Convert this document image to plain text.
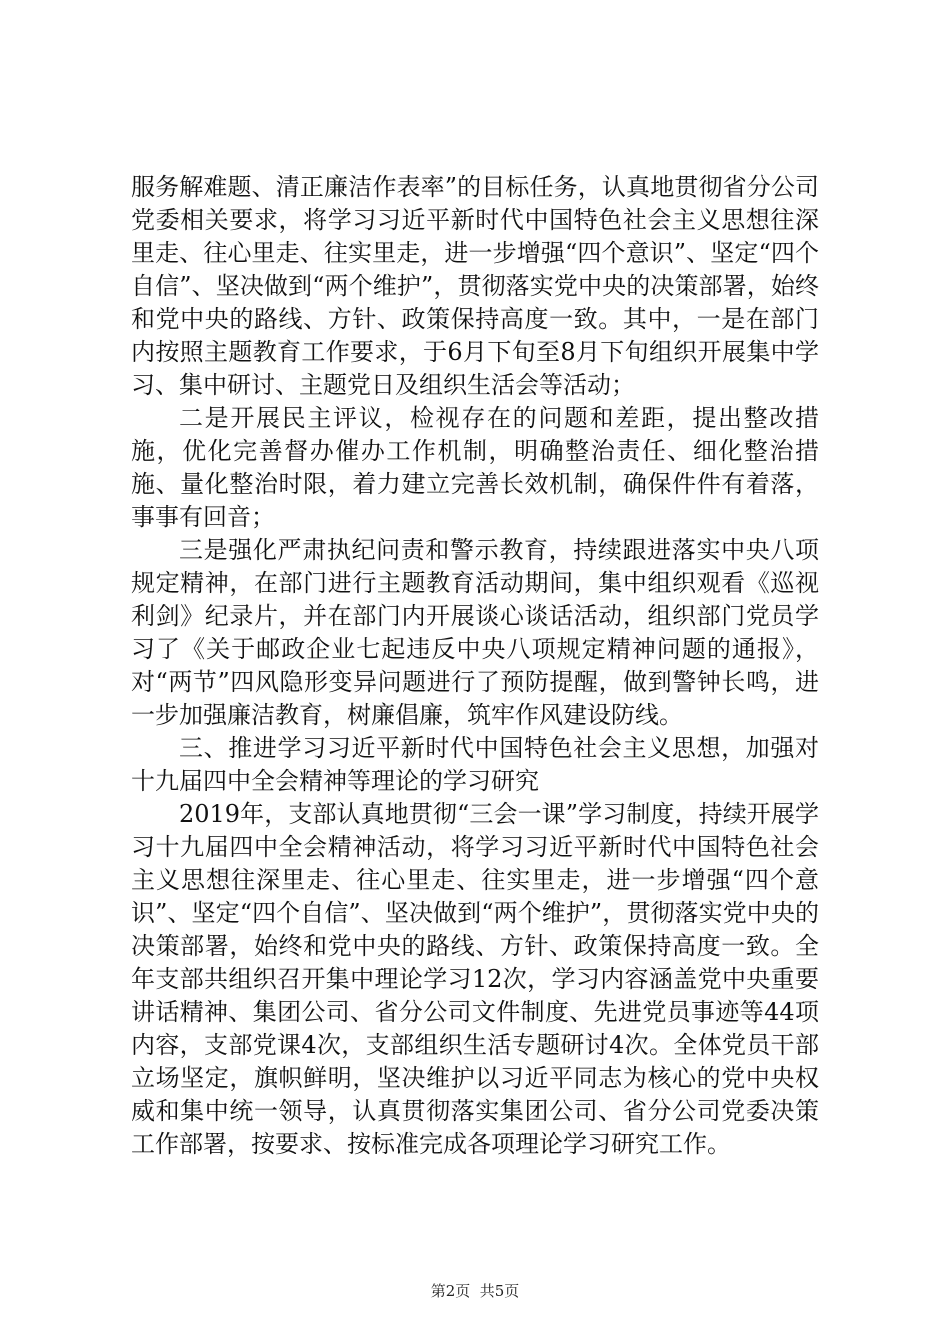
服务解难题、清正廉洁作表率”的目标任务，认真地贯彻省分公司党委相关要求，将学习习近平新时代中国特色社会主义思想往深里走、往心里走、往实里走，进一步增强“四个意识”、坚定“四个自信”、坚决做到“两个维护”，贯彻落实党中央的决策部署，始终和党中央的路线、方针、政策保持高度一致。其中，一是在部门内按照主题教育工作要求，于6月下旬至8月下旬组织开展集中学习、集中研讨、主题党日及组织生活会等活动；

二是开展民主评议，检视存在的问题和差距，提出整改措施，优化完善督办催办工作机制，明确整治责任、细化整治措施、量化整治时限，着力建立完善长效机制，确保件件有着落，事事有回音；

三是强化严肃执纪问责和警示教育，持续跟进落实中央八项规定精神，在部门进行主题教育活动期间，集中组织观看《巡视利剑》纪录片，并在部门内开展谈心谈话活动，组织部门党员学习了《关于邮政企业七起违反中央八项规定精神问题的通报》，对“两节”四风隐形变异问题进行了预防提醒，做到警钟长鸣，进一步加强廉洁教育，树廉倡廉，筑牢作风建设防线。

三、推进学习习近平新时代中国特色社会主义思想，加强对十九届四中全会精神等理论的学习研究

2019年，支部认真地贯彻“三会一课”学习制度，持续开展学习十九届四中全会精神活动，将学习习近平新时代中国特色社会主义思想往深里走、往心里走、往实里走，进一步增强“四个意识”、坚定“四个自信”、坚决做到“两个维护”，贯彻落实党中央的决策部署，始终和党中央的路线、方针、政策保持高度一致。全年支部共组织召开集中理论学习12次，学习内容涵盖党中央重要讲话精神、集团公司、省分公司文件制度、先进党员事迹等44项内容，支部党课4次，支部组织生活专题研讨4次。全体党员干部立场坚定，旗帜鲜明，坚决维护以习近平同志为核心的党中央权威和集中统一领导，认真贯彻落实集团公司、省分公司党委决策工作部署，按要求、按标准完成各项理论学习研究工作。

第2页  共5页
